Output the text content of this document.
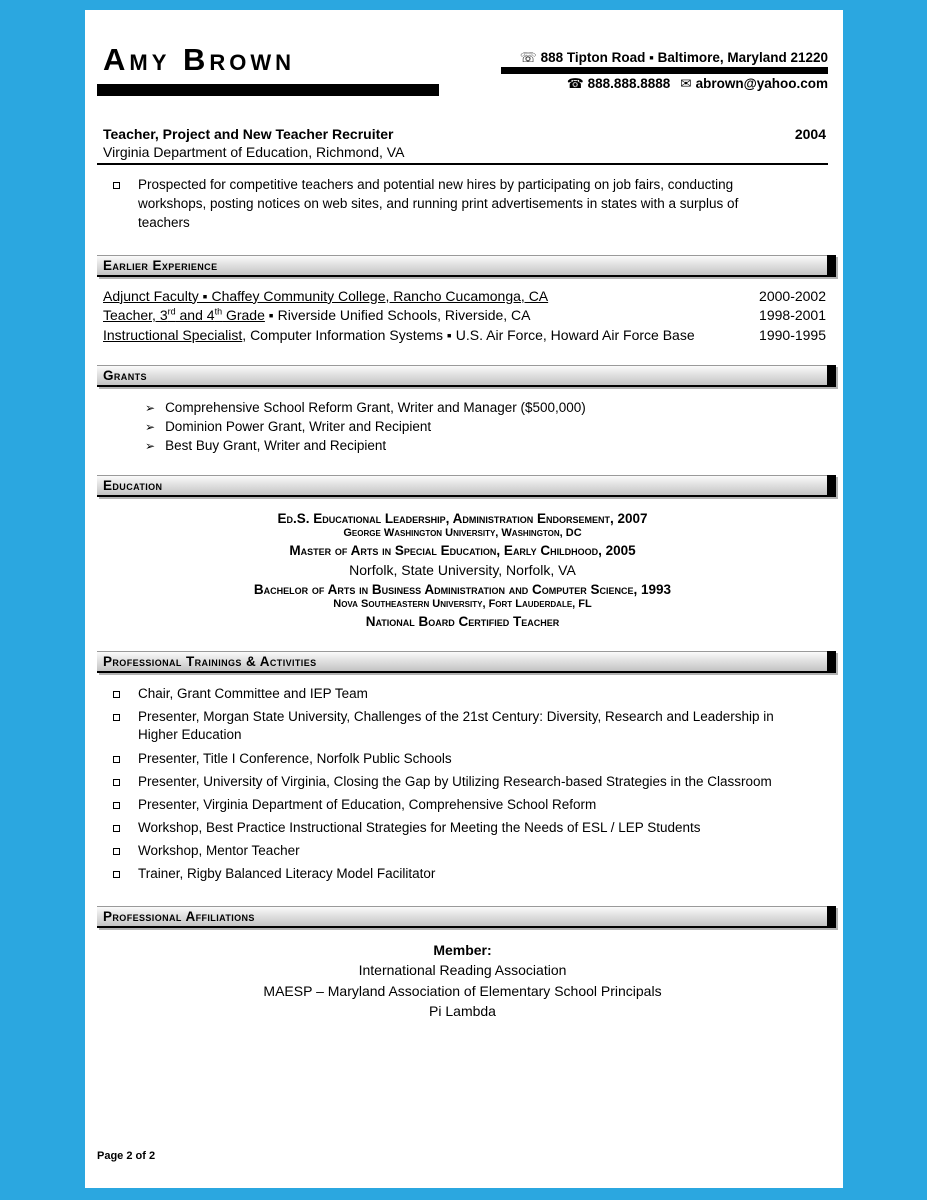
Amy Brown	☏ 888 Tipton Road ▪ Baltimore, Maryland 21220
☎ 888.888.8888 ✉ abrown@yahoo.com
Teacher, Project and New Teacher Recruiter	2004
Virginia Department of Education, Richmond, VA
Prospected for competitive teachers and potential new hires by participating on job fairs, conducting workshops, posting notices on web sites, and running print advertisements in states with a surplus of teachers
Earlier Experience
Adjunct Faculty ▪ Chaffey Community College, Rancho Cucamonga, CA	2000-2002
Teacher, 3rd and 4th Grade ▪ Riverside Unified Schools, Riverside, CA	1998-2001
Instructional Specialist, Computer Information Systems ▪ U.S. Air Force, Howard Air Force Base	1990-1995
Grants
➢ Comprehensive School Reform Grant, Writer and Manager ($500,000)
➢ Dominion Power Grant, Writer and Recipient
➢ Best Buy Grant, Writer and Recipient
Education
Ed.S. Educational Leadership, Administration Endorsement, 2007
George Washington University, Washington, DC
Master of Arts in Special Education, Early Childhood, 2005
Norfolk, State University, Norfolk, VA
Bachelor of Arts in Business Administration and Computer Science, 1993
Nova Southeastern University, Fort Lauderdale, FL
National Board Certified Teacher
Professional Trainings & Activities
Chair, Grant Committee and IEP Team
Presenter, Morgan State University, Challenges of the 21st Century: Diversity, Research and Leadership in Higher Education
Presenter, Title I Conference, Norfolk Public Schools
Presenter, University of Virginia, Closing the Gap by Utilizing Research-based Strategies in the Classroom
Presenter, Virginia Department of Education, Comprehensive School Reform
Workshop, Best Practice Instructional Strategies for Meeting the Needs of ESL / LEP Students
Workshop, Mentor Teacher
Trainer, Rigby Balanced Literacy Model Facilitator
Professional Affiliations
Member:
International Reading Association
MAESP – Maryland Association of Elementary School Principals
Pi Lambda
Page 2 of 2
